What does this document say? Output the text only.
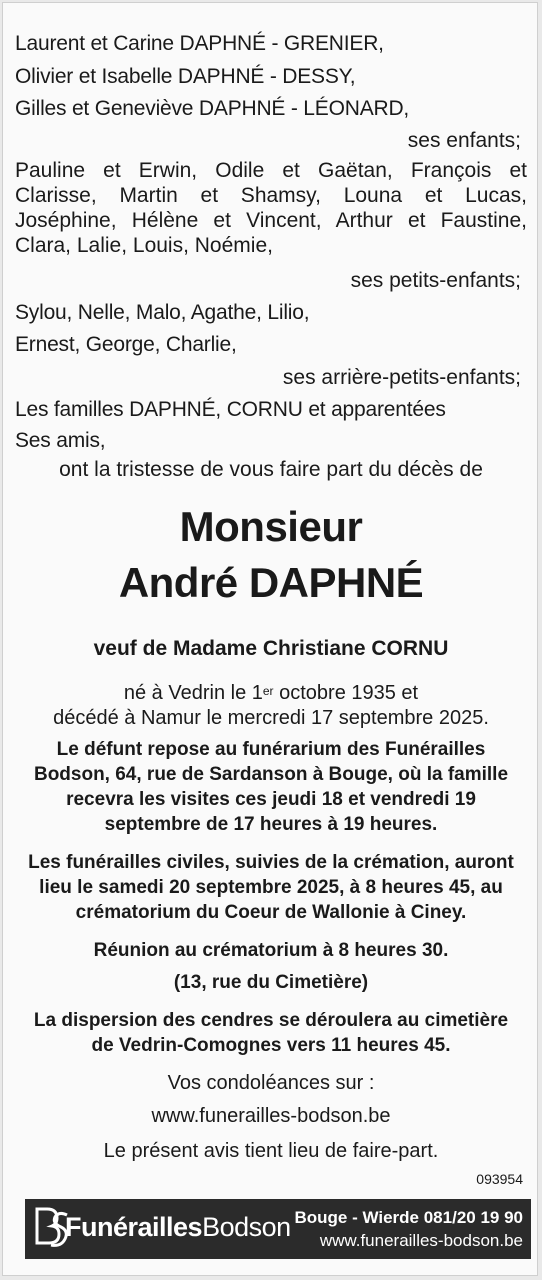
Laurent et Carine DAPHNÉ - GRENIER,
Olivier et Isabelle DAPHNÉ - DESSY,
Gilles et Geneviève DAPHNÉ - LÉONARD,
ses enfants;
Pauline et Erwin, Odile et Gaëtan, François et Clarisse, Martin et Shamsy, Louna et Lucas, Joséphine, Hélène et Vincent, Arthur et Faustine, Clara, Lalie, Louis, Noémie,
ses petits-enfants;
Sylou, Nelle, Malo, Agathe, Lilio,
Ernest, George, Charlie,
ses arrière-petits-enfants;
Les familles DAPHNÉ, CORNU et apparentées
Ses amis,
ont la tristesse de vous faire part du décès de
Monsieur
André DAPHNÉ
veuf de Madame Christiane CORNU
né à Vedrin le 1er octobre 1935 et
décédé à Namur le mercredi 17 septembre 2025.
Le défunt repose au funérarium des Funérailles
Bodson, 64, rue de Sardanson à Bouge, où la famille
recevra les visites ces jeudi 18 et vendredi 19
septembre de 17 heures à 19 heures.
Les funérailles civiles, suivies de la crémation, auront
lieu le samedi 20 septembre 2025, à 8 heures 45, au
crématorium du Coeur de Wallonie à Ciney.
Réunion au crématorium à 8 heures 30.
(13, rue du Cimetière)
La dispersion des cendres se déroulera au cimetière
de Vedrin-Comognes vers 11 heures 45.
Vos condoléances sur :
www.funerailles-bodson.be
Le présent avis tient lieu de faire-part.
093954
FunéraillesBodson Bouge - Wierde 081/20 19 90
www.funerailles-bodson.be
